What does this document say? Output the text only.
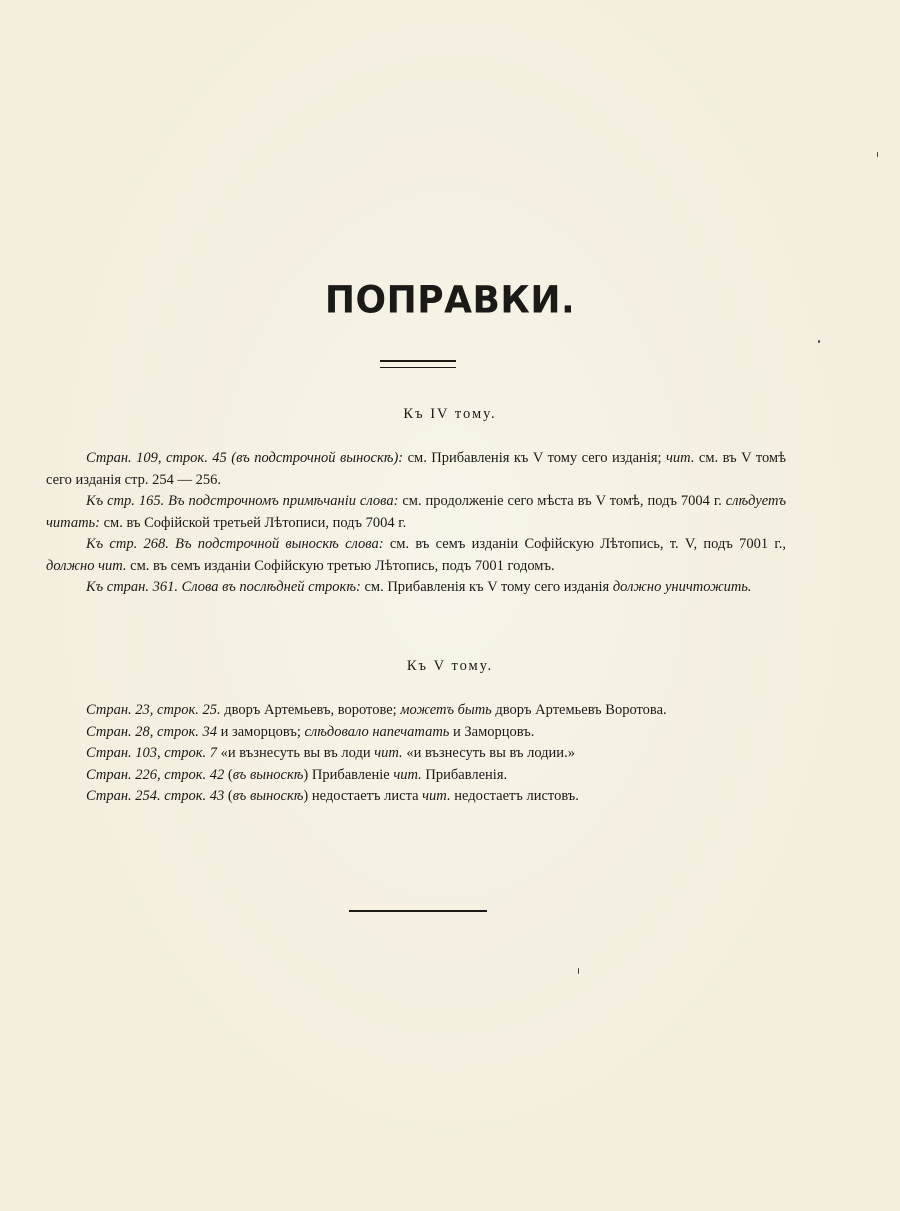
ПОПРАВКИ.
Къ IV тому.

Стран. 109, строк. 45 (въ подстрочной выноскѣ): см. Прибавленія къ V тому сего изданія; чит. см. въ V томѣ сего изданія стр. 254 — 256.

Къ стр. 165. Въ подстрочномъ примѣчаніи слова: см. продолженіе сего мѣста въ V томѣ, подъ 7004 г. слѣдуетъ читать: см. въ Софійской третьей Лѣтописи, подъ 7004 г.

Къ стр. 268. Въ подстрочной выноскѣ слова: см. въ семъ изданіи Софійскую Лѣтопись, т. V, подъ 7001 г., должно чит. см. въ семъ изданіи Софійскую третью Лѣтопись, подъ 7001 годомъ.

Къ стран. 361. Слова въ послѣдней строкѣ: см. Прибавленія къ V тому сего изданія должно уничтожить.

Къ V тому.

Стран. 23, строк. 25. дворъ Артемьевъ, воротове; можетъ быть дворъ Артемьевъ Воротова.

Стран. 28, строк. 34 и заморцовъ; слѣдовало напечатать и Заморцовъ.

Стран. 103, строк. 7 «и възнесуть вы въ лоди чит. «и възнесуть вы въ лодии.»

Стран. 226, строк. 42 (въ выноскѣ) Прибавленіе чит. Прибавленія.

Стран. 254. строк. 43 (въ выноскѣ) недостаетъ листа чит. недостаетъ листовъ.
